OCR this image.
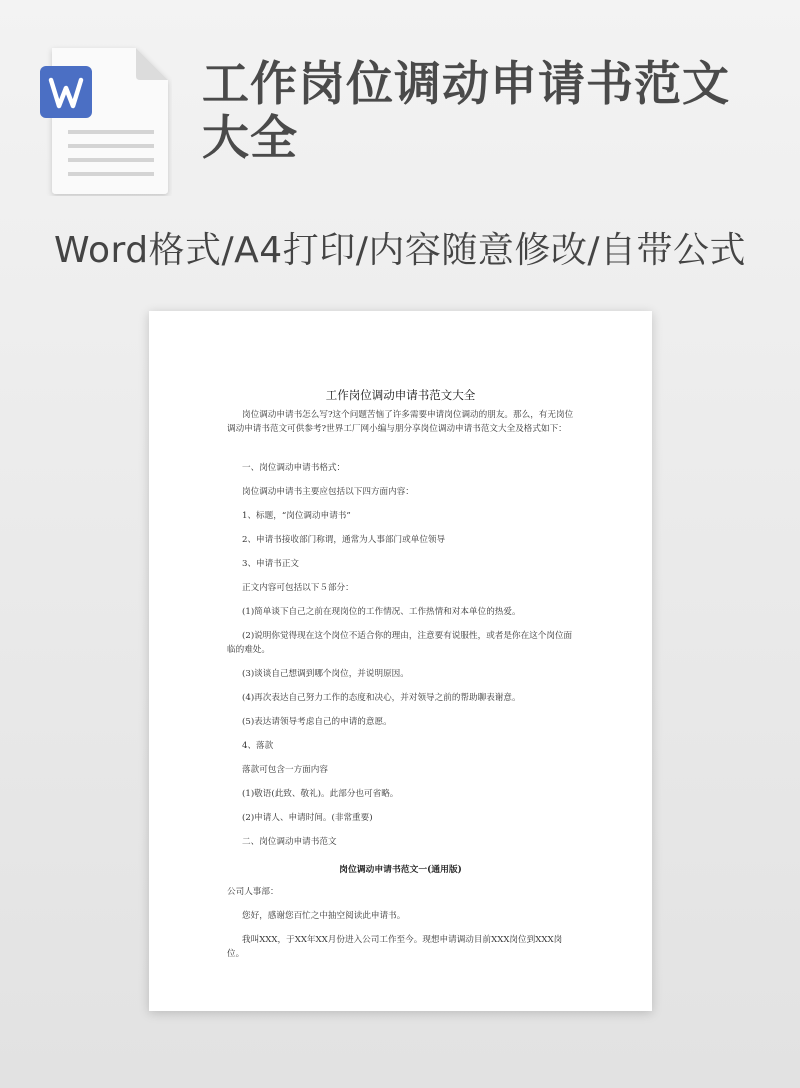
工作岗位调动申请书范文大全
Word格式/A4打印/内容随意修改/自带公式
工作岗位调动申请书范文大全
岗位调动申请书怎么写?这个问题苦恼了许多需要申请岗位调动的朋友。那么，有无岗位调动申请书范文可供参考?世界工厂网小编与朋分享岗位调动申请书范文大全及格式如下：
一、岗位调动申请书格式：
岗位调动申请书主要应包括以下四方面内容：
1、标题，“岗位调动申请书”
2、申请书接收部门称谓，通常为人事部门或单位领导
3、申请书正文
正文内容可包括以下５部分：
(1)简单谈下自己之前在现岗位的工作情况、工作热情和对本单位的热爱。
(2)说明你觉得现在这个岗位不适合你的理由，注意要有说服性，或者是你在这个岗位面临的难处。
(3)谈谈自己想调到哪个岗位，并说明原因。
(4)再次表达自己努力工作的态度和决心，并对领导之前的帮助聊表谢意。
(5)表达请领导考虑自己的申请的意愿。
4、落款
落款可包含一方面内容
(1)敬语(此致、敬礼)。此部分也可省略。
(2)申请人、申请时间。(非常重要)
二、岗位调动申请书范文
岗位调动申请书范文一(通用版)
公司人事部：
您好，感谢您百忙之中抽空阅读此申请书。
我叫XXX，于XX年XX月份进入公司工作至今。现想申请调动目前XXX岗位到XXX岗位。
